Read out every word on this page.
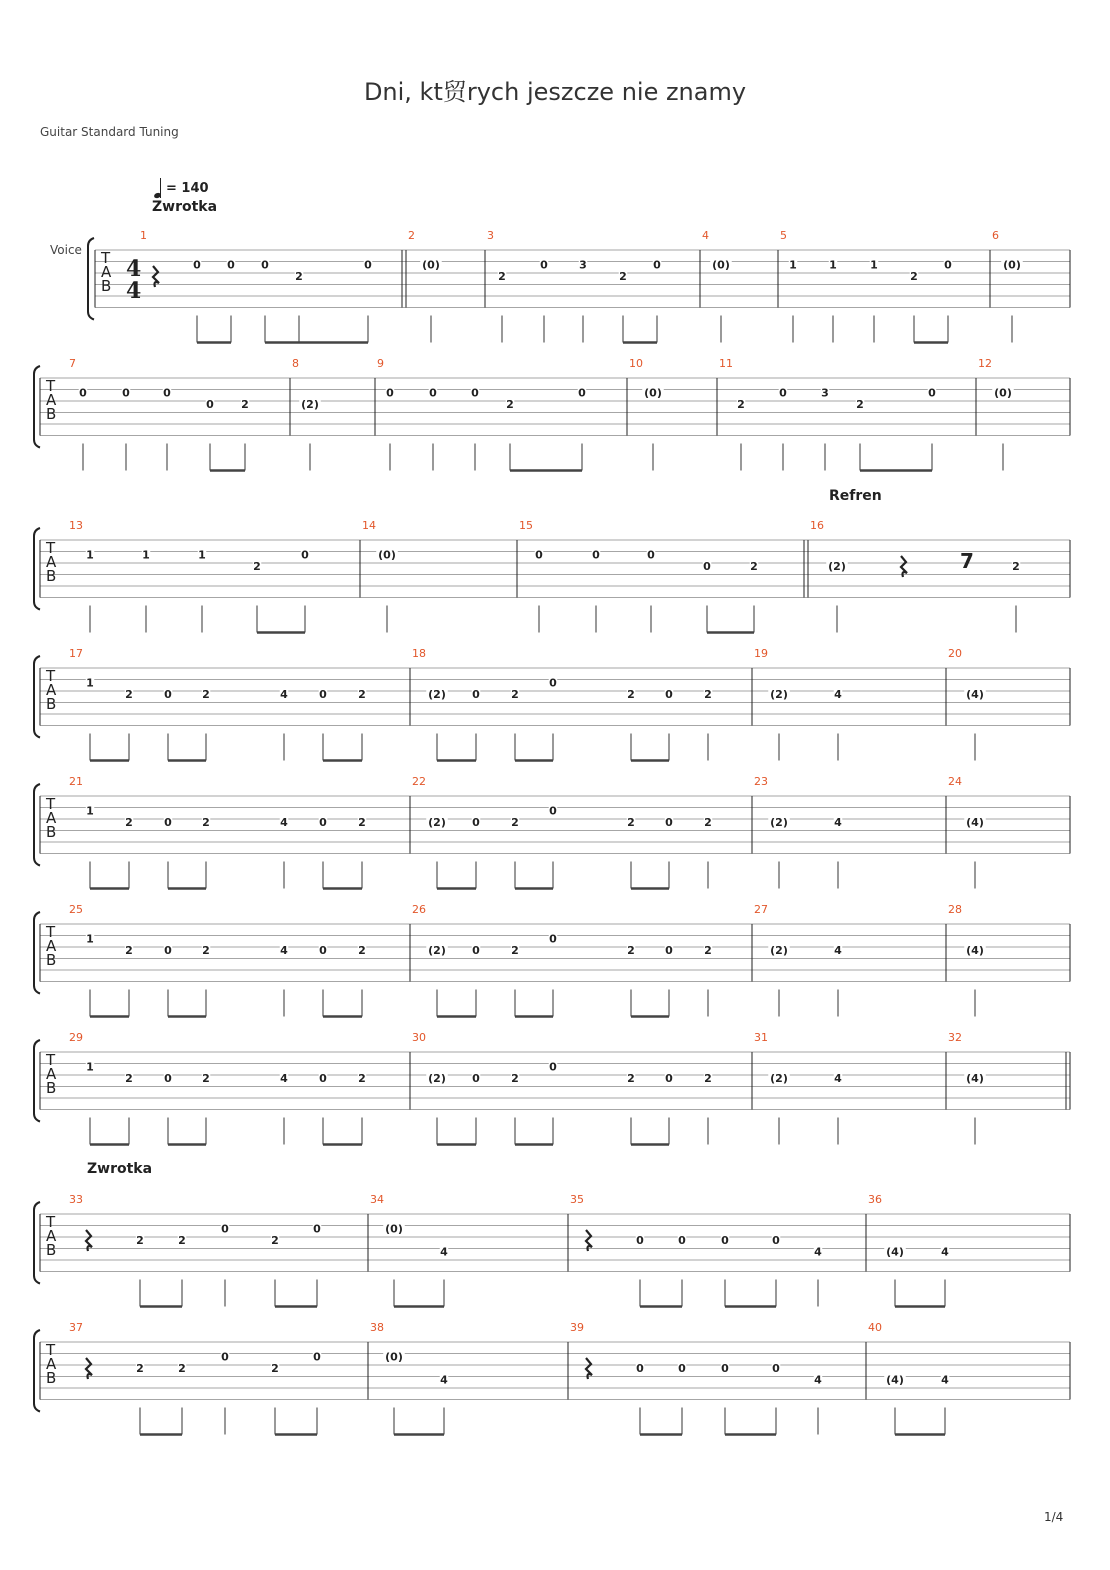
Dni, kt贸rych jeszcze nie znamy
Guitar Standard Tuning
= 140
Zwrotka
Refren
Zwrotka
Voice
1/4
T
A
B
4
4
1
0 0 0
2
0
2
(0)
3
2
0	3
2
0
4
(0)
5
1	1	1
2
0
6
(0)
T
A
B
7
0	0	0
0 2
8
(2)
9
0	0	0
2
0
10
(0)
11
2
0	3
2
0
12
(0)
T
A
B
13
1	1	1
2
0
14
(0)
15
0	0	0
0	2
16
(2)	7	2
T
A
B
17
1
2	0	2	4	0	2
18
(2) 0	2
0
2	0	2
19
(2)	4
20
(4)
T
A
B
21
1
2	0	2	4	0	2
22
(2) 0	2
0
2	0	2
23
(2)	4
24
(4)
T
A
B
25
1
2	0	2	4	0	2
26
(2) 0	2
0
2	0	2
27
(2)	4
28
(4)
T
A
B
29
1
2	0	2	4	0	2
30
(2) 0	2
0
2	0	2
31
(2)	4
32
(4)
T
A
B
33
2	2
0
2
0
34
(0)
4
35
0	0	0	0
4
36
(4)	4
T
A
B
37
2	2
0
2
0
38
(0)
4
39
0	0	0	0
4
40
(4)	4
